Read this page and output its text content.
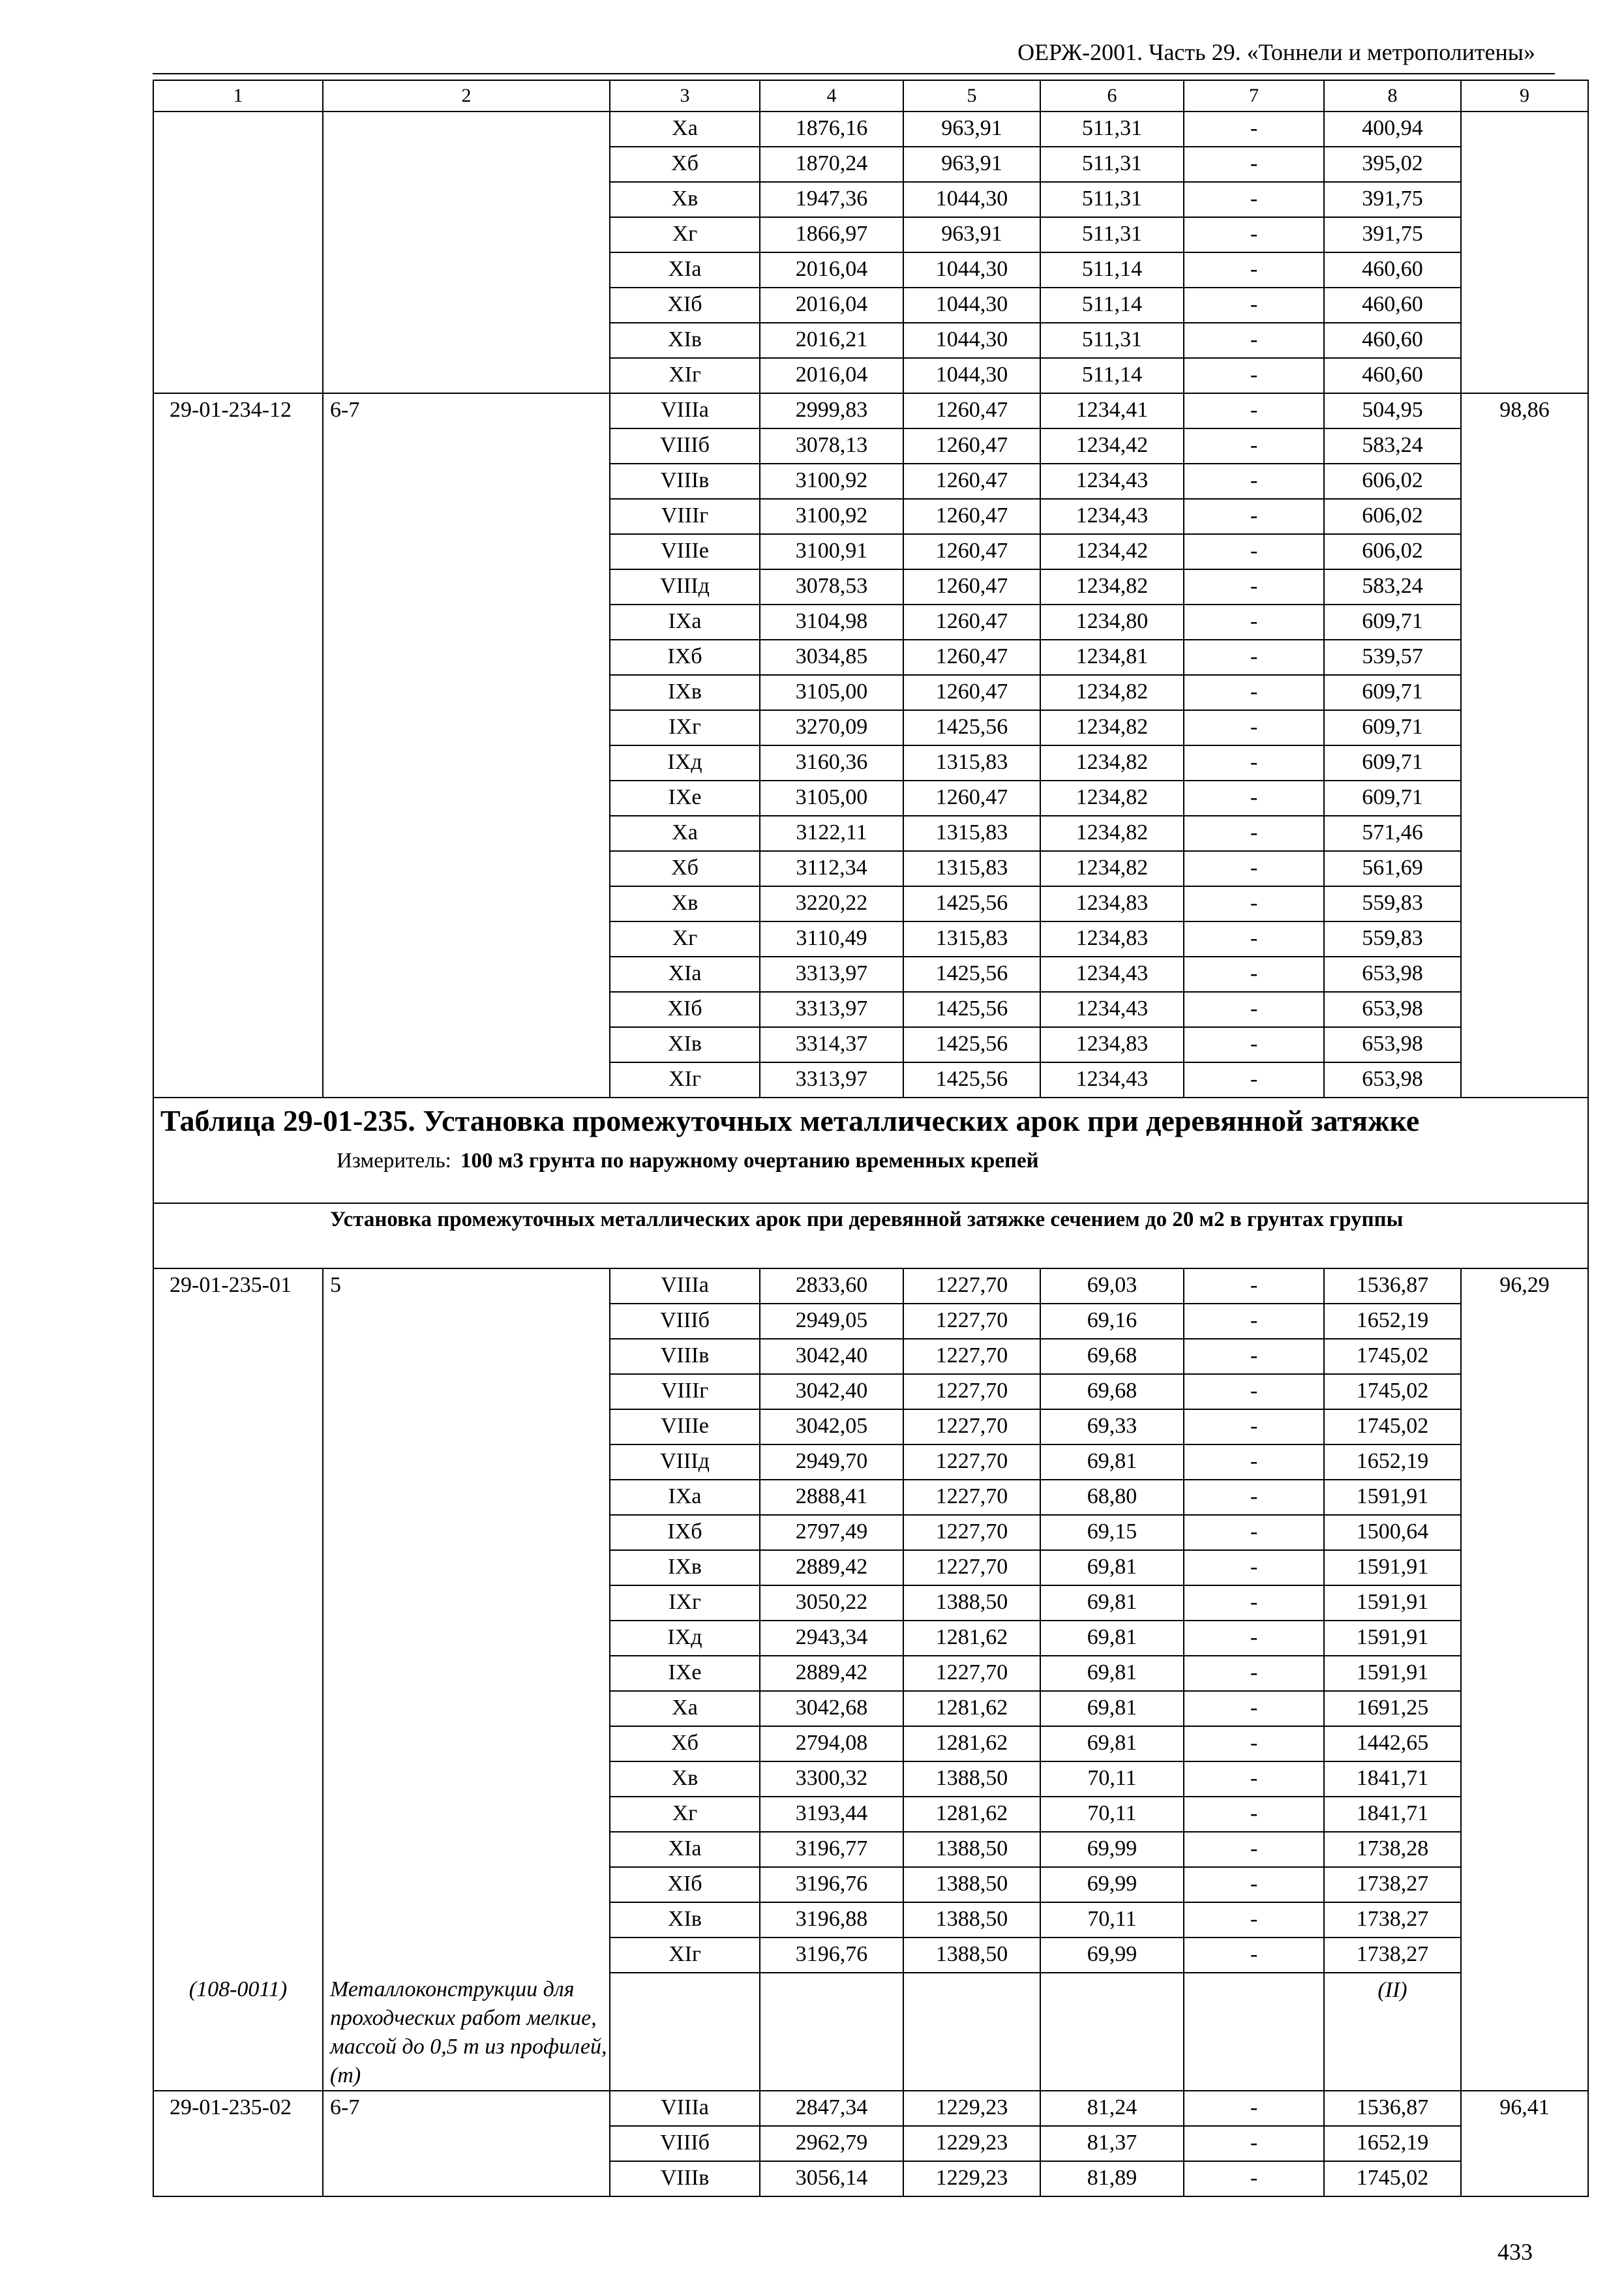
ОЕРЖ-2001. Часть 29. «Тоннели и метрополитены»
1	2	3	4	5	6	7	8	9
		Xa	1876,16	963,91	511,31	-	400,94	
		Xб	1870,24	963,91	511,31	-	395,02	
		Xв	1947,36	1044,30	511,31	-	391,75	
		Xг	1866,97	963,91	511,31	-	391,75	
		XIa	2016,04	1044,30	511,14	-	460,60	
		XIб	2016,04	1044,30	511,14	-	460,60	
		XIв	2016,21	1044,30	511,31	-	460,60	
		XIг	2016,04	1044,30	511,14	-	460,60	
29-01-234-12	6-7	VIIIa	2999,83	1260,47	1234,41	-	504,95	98,86
		VIIIб	3078,13	1260,47	1234,42	-	583,24	
		VIIIв	3100,92	1260,47	1234,43	-	606,02	
		VIIIг	3100,92	1260,47	1234,43	-	606,02	
		VIIIe	3100,91	1260,47	1234,42	-	606,02	
		VIIIд	3078,53	1260,47	1234,82	-	583,24	
		IXa	3104,98	1260,47	1234,80	-	609,71	
		IXб	3034,85	1260,47	1234,81	-	539,57	
		IXв	3105,00	1260,47	1234,82	-	609,71	
		IXг	3270,09	1425,56	1234,82	-	609,71	
		IXд	3160,36	1315,83	1234,82	-	609,71	
		IXe	3105,00	1260,47	1234,82	-	609,71	
		Xa	3122,11	1315,83	1234,82	-	571,46	
		Xб	3112,34	1315,83	1234,82	-	561,69	
		Xв	3220,22	1425,56	1234,83	-	559,83	
		Xг	3110,49	1315,83	1234,83	-	559,83	
		XIa	3313,97	1425,56	1234,43	-	653,98	
		XIб	3313,97	1425,56	1234,43	-	653,98	
		XIв	3314,37	1425,56	1234,83	-	653,98	
		XIг	3313,97	1425,56	1234,43	-	653,98	

Таблица 29-01-235. Установка промежуточных металлических арок при деревянной затяжке
Измеритель: 100 м3 грунта по наружному очертанию временных крепей								

Установка промежуточных металлических арок при деревянной затяжке сечением до 20 м2 в грунтах группы								
29-01-235-01	5	VIIIa	2833,60	1227,70	69,03	-	1536,87	96,29
		VIIIб	2949,05	1227,70	69,16	-	1652,19	
		VIIIв	3042,40	1227,70	69,68	-	1745,02	
		VIIIг	3042,40	1227,70	69,68	-	1745,02	
		VIIIe	3042,05	1227,70	69,33	-	1745,02	
		VIIIд	2949,70	1227,70	69,81	-	1652,19	
		IXa	2888,41	1227,70	68,80	-	1591,91	
		IXб	2797,49	1227,70	69,15	-	1500,64	
		IXв	2889,42	1227,70	69,81	-	1591,91	
		IXг	3050,22	1388,50	69,81	-	1591,91	
		IXд	2943,34	1281,62	69,81	-	1591,91	
		IXe	2889,42	1227,70	69,81	-	1591,91	
		Xa	3042,68	1281,62	69,81	-	1691,25	
		Xб	2794,08	1281,62	69,81	-	1442,65	
		Xв	3300,32	1388,50	70,11	-	1841,71	
		Xг	3193,44	1281,62	70,11	-	1841,71	
		XIa	3196,77	1388,50	69,99	-	1738,28	
		XIб	3196,76	1388,50	69,99	-	1738,27	
		XIв	3196,88	1388,50	70,11	-	1738,27	
		XIг	3196,76	1388,50	69,99	-	1738,27	
(108-0011)	Металлоконструкции для проходческих работ мелкие, массой до 0,5 т из профилей, (т)						(II)	
29-01-235-02	6-7	VIIIa	2847,34	1229,23	81,24	-	1536,87	96,41
		VIIIб	2962,79	1229,23	81,37	-	1652,19	
		VIIIв	3056,14	1229,23	81,89	-	1745,02	
433
